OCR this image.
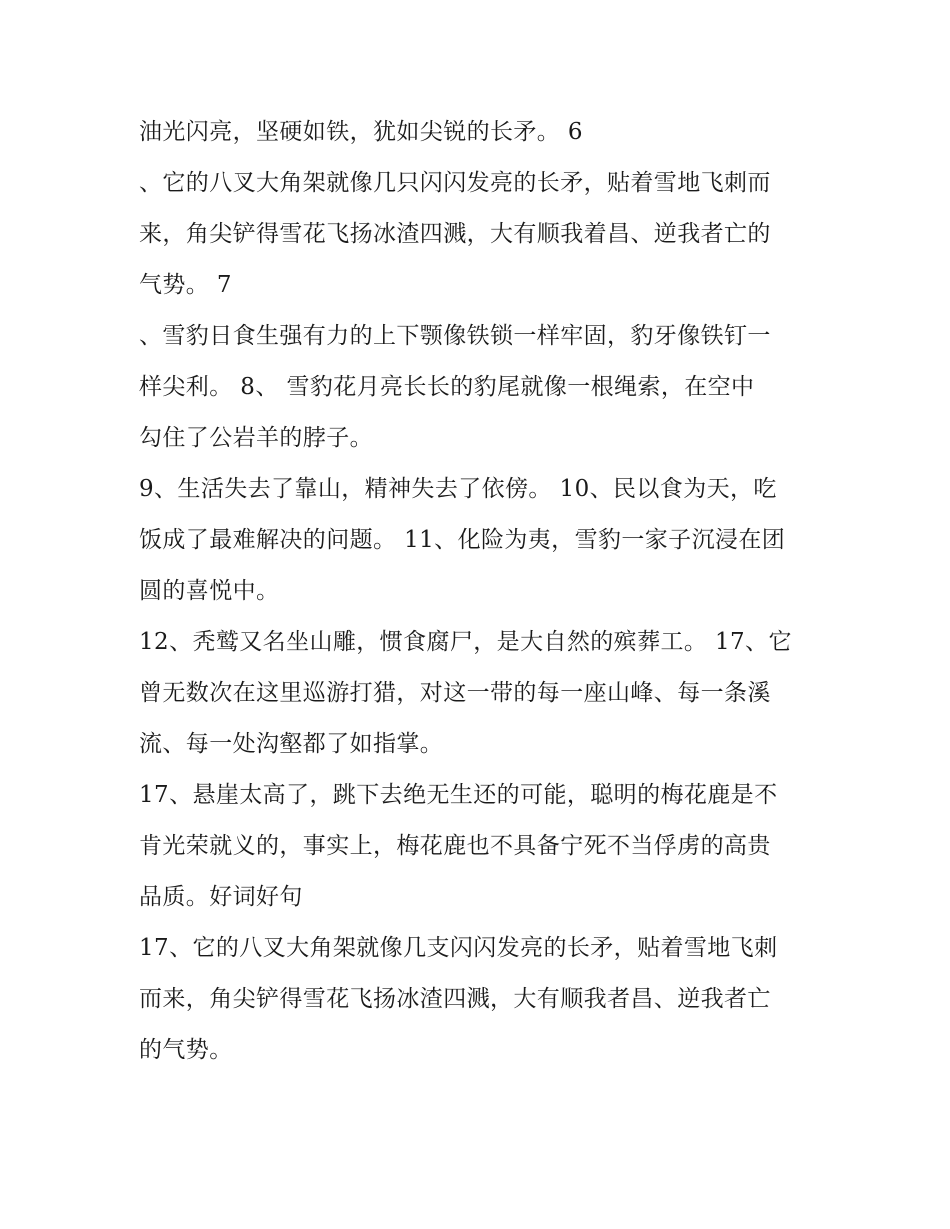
油光闪亮，坚硬如铁，犹如尖锐的长矛。 6
、它的八叉大角架就像几只闪闪发亮的长矛，贴着雪地飞刺而
来，角尖铲得雪花飞扬冰渣四溅，大有顺我着昌、逆我者亡的
气势。 7
、雪豹日食生强有力的上下颚像铁锁一样牢固，豹牙像铁钉一
样尖利。 8、 雪豹花月亮长长的豹尾就像一根绳索，在空中
勾住了公岩羊的脖子。
9、生活失去了靠山，精神失去了依傍。 10、民以食为天，吃
饭成了最难解决的问题。 11、化险为夷，雪豹一家子沉浸在团
圆的喜悦中。
12、秃鹫又名坐山雕，惯食腐尸，是大自然的殡葬工。 17、它
曾无数次在这里巡游打猎，对这一带的每一座山峰、每一条溪
流、每一处沟壑都了如指掌。
17、悬崖太高了，跳下去绝无生还的可能，聪明的梅花鹿是不
肯光荣就义的，事实上，梅花鹿也不具备宁死不当俘虏的高贵
品质。好词好句
17、它的八叉大角架就像几支闪闪发亮的长矛，贴着雪地飞刺
而来，角尖铲得雪花飞扬冰渣四溅，大有顺我者昌、逆我者亡
的气势。
